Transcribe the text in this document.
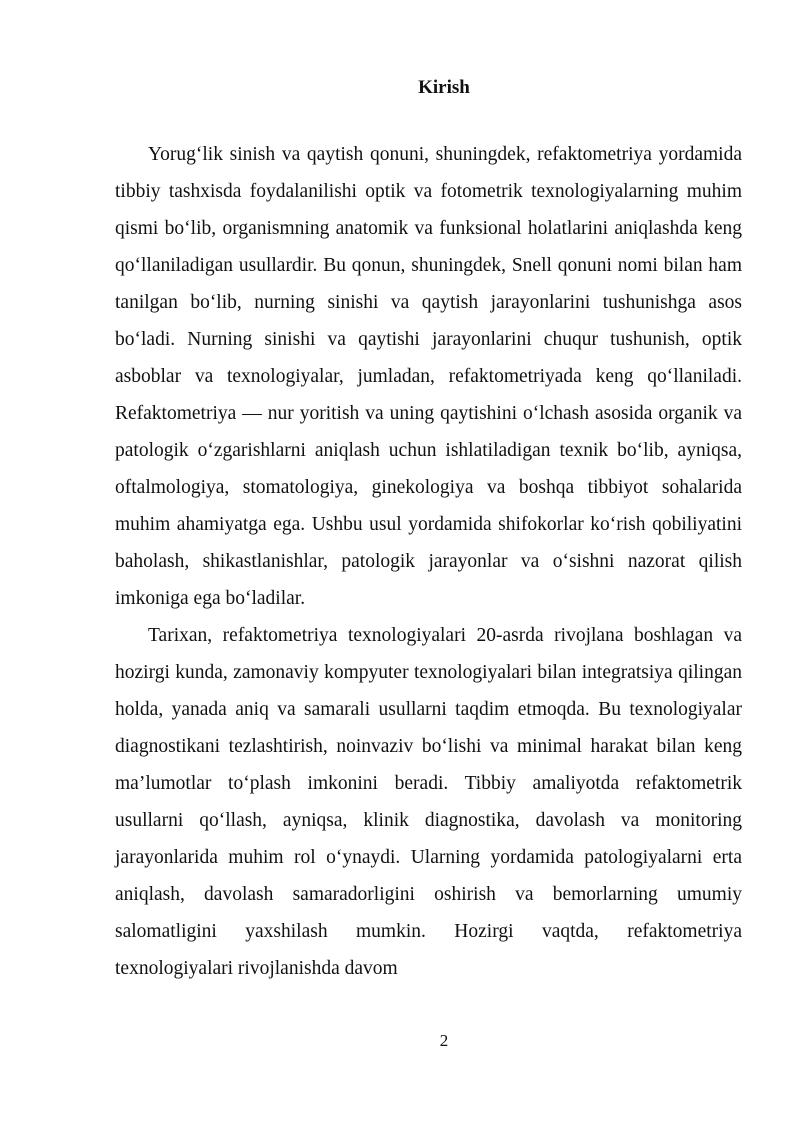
Kirish

Yorug‘lik sinish va qaytish qonuni, shuningdek, refaktometriya yordamida tibbiy tashxisda foydalanilishi optik va fotometrik texnologiyalarning muhim qismi bo‘lib, organismning anatomik va funksional holatlarini aniqlashda keng qo‘llaniladigan usullardir. Bu qonun, shuningdek, Snell qonuni nomi bilan ham tanilgan bo‘lib, nurning sinishi va qaytish jarayonlarini tushunishga asos bo‘ladi. Nurning sinishi va qaytishi jarayonlarini chuqur tushunish, optik asboblar va texnologiyalar, jumladan, refaktometriyada keng qo‘llaniladi. Refaktometriya — nur yoritish va uning qaytishini o‘lchash asosida organik va patologik o‘zgarishlarni aniqlash uchun ishlatiladigan texnik bo‘lib, ayniqsa, oftalmologiya, stomatologiya, ginekologiya va boshqa tibbiyot sohalarida muhim ahamiyatga ega. Ushbu usul yordamida shifokorlar ko‘rish qobiliyatini baholash, shikastlanishlar, patologik jarayonlar va o‘sishni nazorat qilish imkoniga ega bo‘ladilar.

Tarixan, refaktometriya texnologiyalari 20-asrda rivojlana boshlagan va hozirgi kunda, zamonaviy kompyuter texnologiyalari bilan integratsiya qilingan holda, yanada aniq va samarali usullarni taqdim etmoqda. Bu texnologiyalar diagnostikani tezlashtirish, noinvaziv bo‘lishi va minimal harakat bilan keng ma’lumotlar to‘plash imkonini beradi. Tibbiy amaliyotda refaktometrik usullarni qo‘llash, ayniqsa, klinik diagnostika, davolash va monitoring jarayonlarida muhim rol o‘ynaydi. Ularning yordamida patologiyalarni erta aniqlash, davolash samaradorligini oshirish va bemorlarning umumiy salomatligini yaxshilash mumkin. Hozirgi vaqtda, refaktometriya texnologiyalari rivojlanishda davom

2
